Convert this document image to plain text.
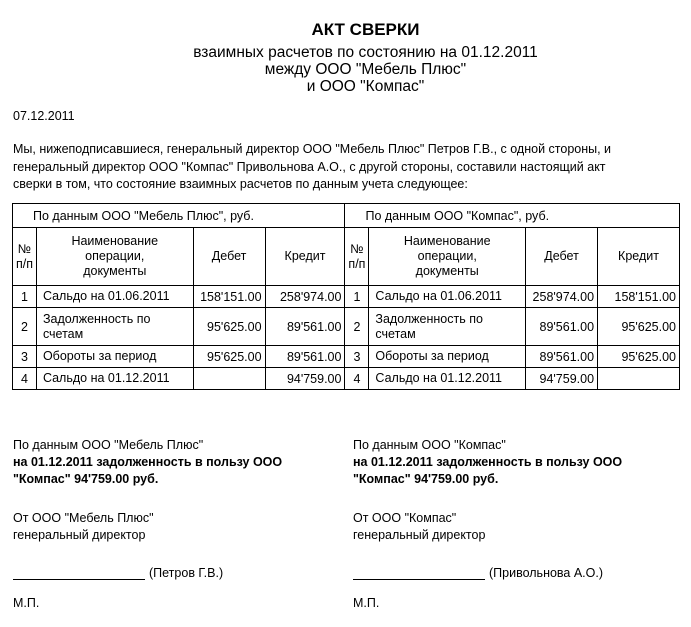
АКТ СВЕРКИ
взаимных расчетов по состоянию на 01.12.2011
между ООО "Мебель Плюс"
и ООО "Компас"
07.12.2011
Мы, нижеподписавшиеся, генеральный директор ООО "Мебель Плюс" Петров Г.В., с одной стороны, и
генеральный директор ООО "Компас" Привольнова А.О., с другой стороны, составили настоящий акт
сверки в том, что состояние взаимных расчетов по данным учета следующее:
По данным ООО "Мебель Плюс", руб.				По данным ООО "Компас", руб.			
№
п/п	Наименование
операции,
документы	Дебет	Кредит	№
п/п	Наименование
операции,
документы	Дебет	Кредит
1	Сальдо на 01.06.2011	158'151.00	258'974.00	1	Сальдо на 01.06.2011	258'974.00	158'151.00
2	Задолженность по
счетам	95'625.00	89'561.00	2	Задолженность по
счетам	89'561.00	95'625.00
3	Обороты за период	95'625.00	89'561.00	3	Обороты за период	89'561.00	95'625.00
4	Сальдо на 01.12.2011		94'759.00	4	Сальдо на 01.12.2011	94'759.00	
По данным ООО "Мебель Плюс"
на 01.12.2011 задолженность в пользу ООО
"Компас" 94'759.00 руб.
По данным ООО "Компас"
на 01.12.2011 задолженность в пользу ООО
"Компас" 94'759.00 руб.
От ООО "Мебель Плюс"
генеральный директор
От ООО "Компас"
генеральный директор
(Петров Г.В.)	(Привольнова А.О.)
М.П.	М.П.
